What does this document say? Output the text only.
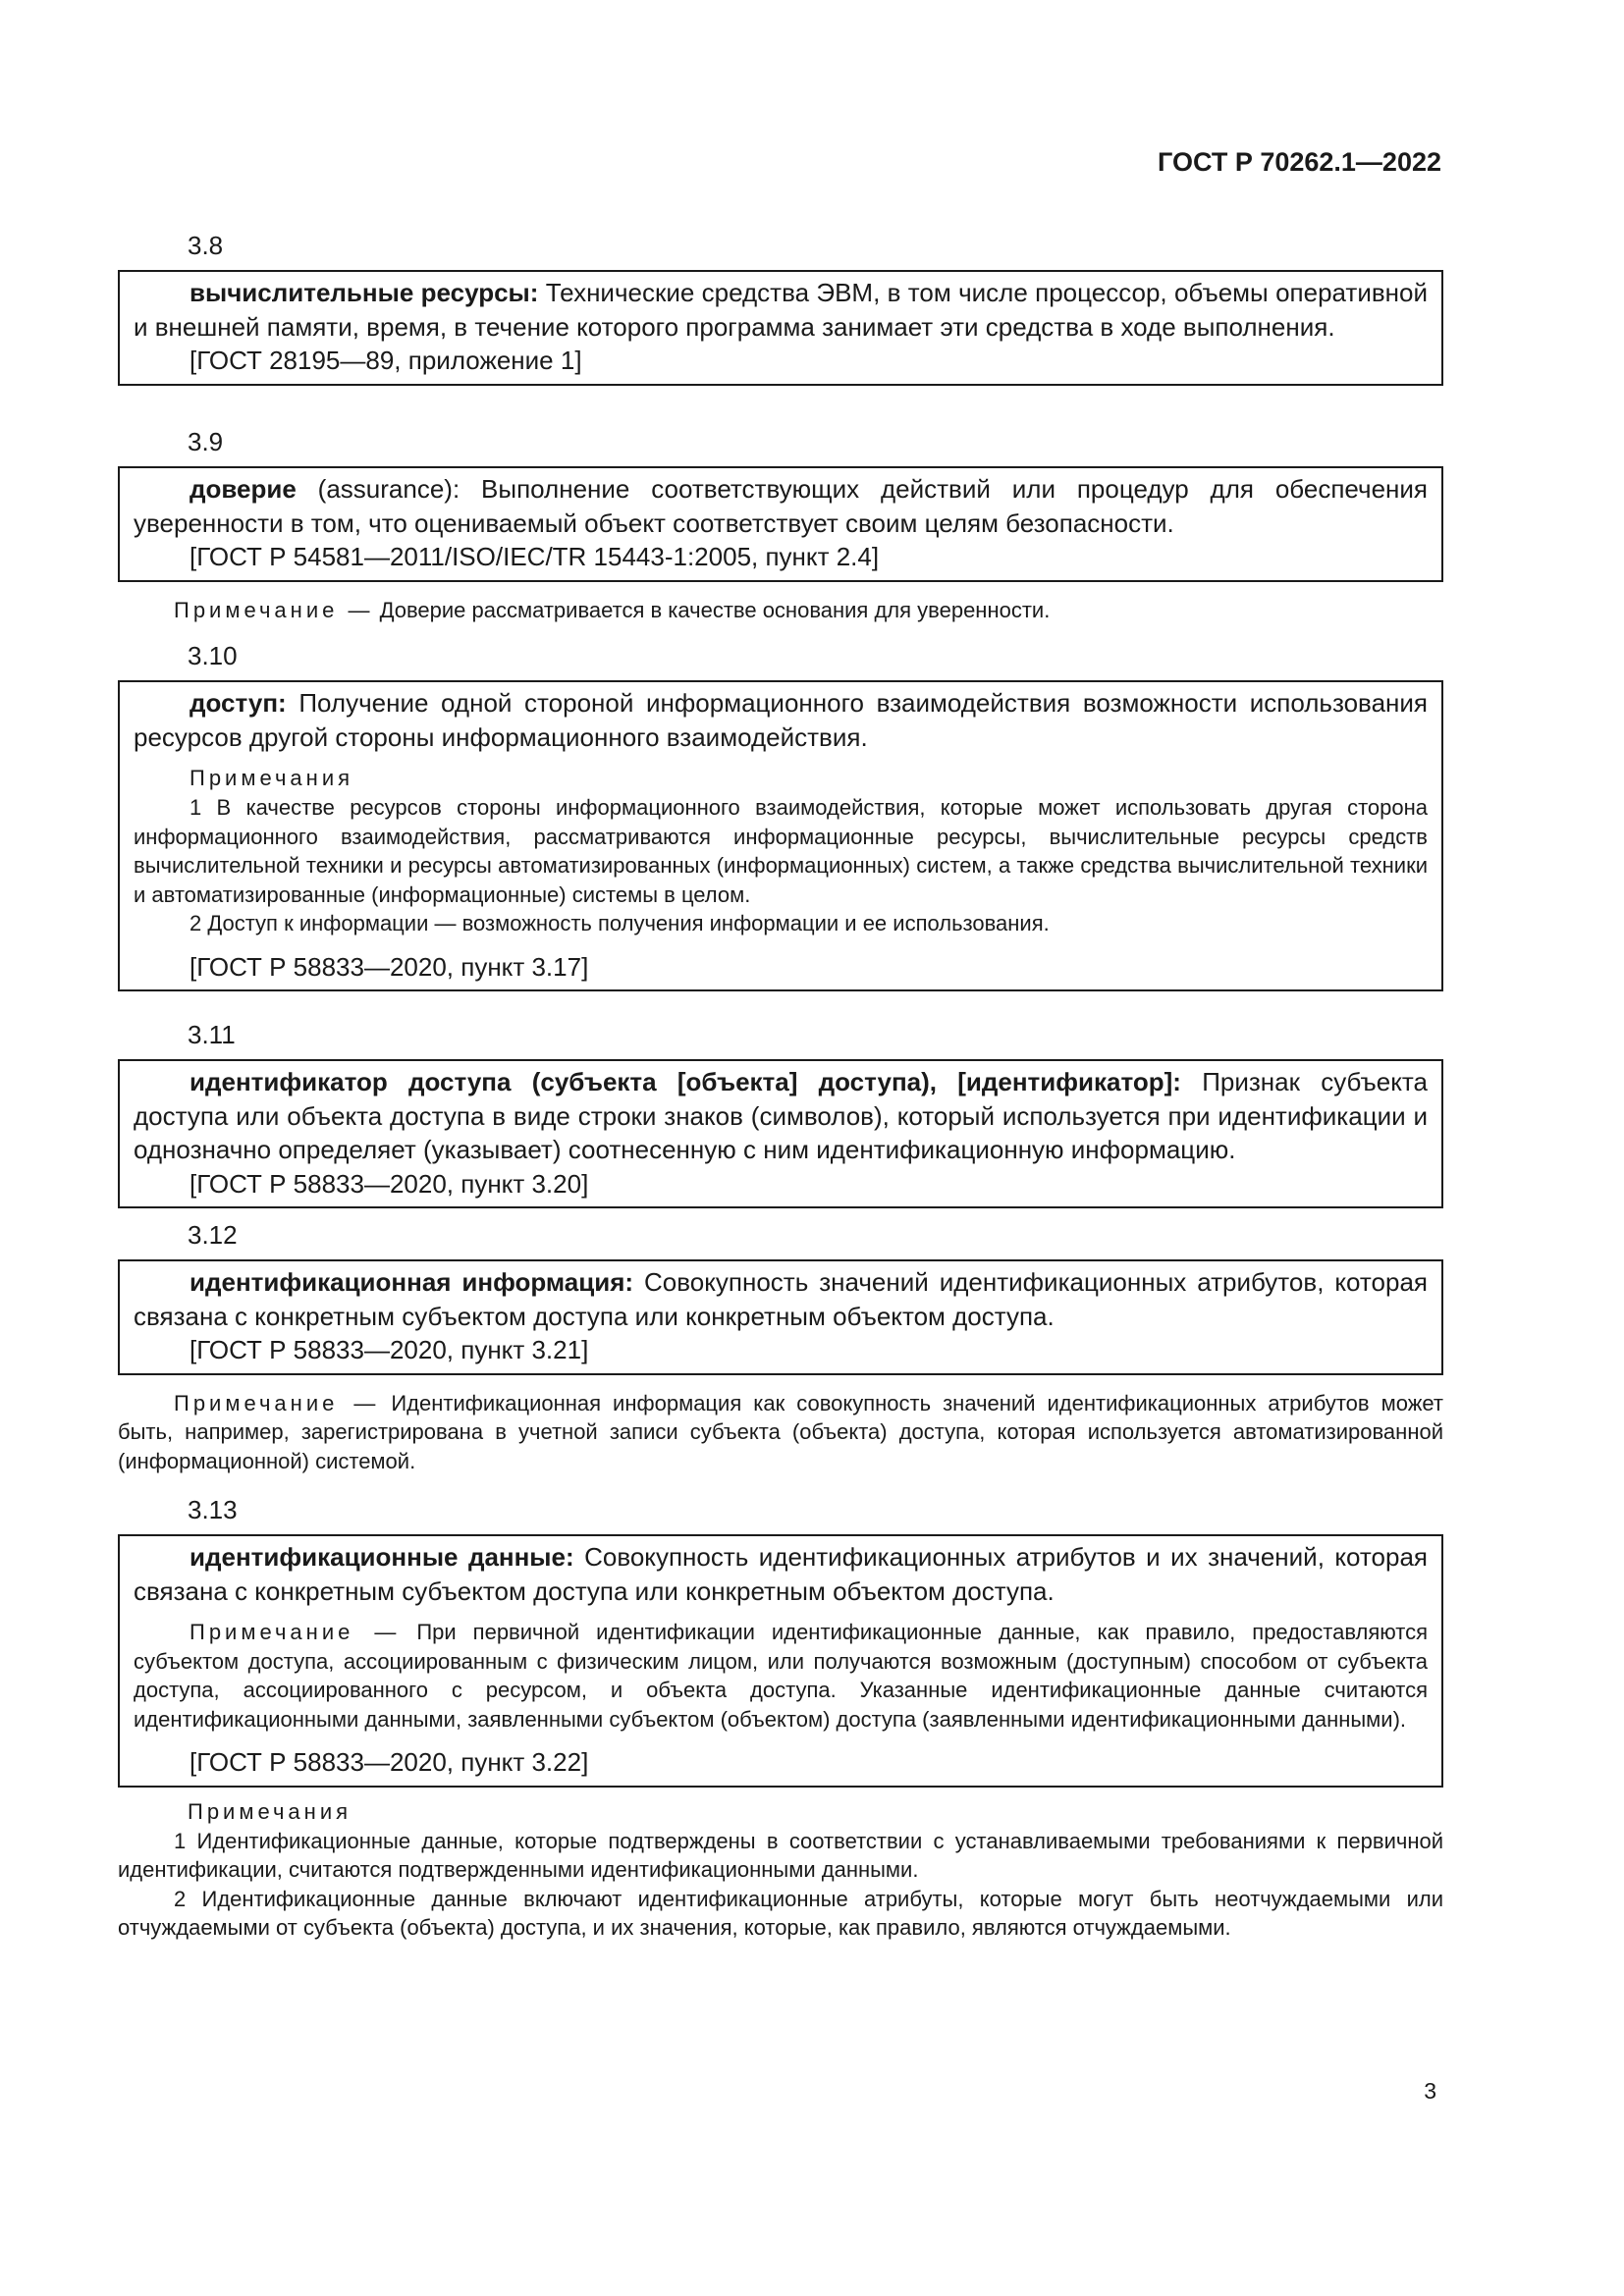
ГОСТ Р 70262.1—2022
3.8

вычислительные ресурсы: Технические средства ЭВМ, в том числе процессор, объемы оперативной и внешней памяти, время, в течение которого программа занимает эти средства в ходе выполнения.

[ГОСТ 28195—89, приложение 1]

3.9

доверие (assurance): Выполнение соответствующих действий или процедур для обеспечения уверенности в том, что оцениваемый объект соответствует своим целям безопасности.

[ГОСТ Р 54581—2011/ISO/IEC/TR 15443-1:2005, пункт 2.4]

Примечание — Доверие рассматривается в качестве основания для уверенности.

3.10

доступ: Получение одной стороной информационного взаимодействия возможности использования ресурсов другой стороны информационного взаимодействия.

Примечания

1 В качестве ресурсов стороны информационного взаимодействия, которые может использовать другая сторона информационного взаимодействия, рассматриваются информационные ресурсы, вычислительные ресурсы средств вычислительной техники и ресурсы автоматизированных (информационных) систем, а также средства вычислительной техники и автоматизированные (информационные) системы в целом.

2 Доступ к информации — возможность получения информации и ее использования.

[ГОСТ Р 58833—2020, пункт 3.17]

3.11

идентификатор доступа (субъекта [объекта] доступа), [идентификатор]: Признак субъекта доступа или объекта доступа в виде строки знаков (символов), который используется при идентификации и однозначно определяет (указывает) соотнесенную с ним идентификационную информацию.

[ГОСТ Р 58833—2020, пункт 3.20]

3.12

идентификационная информация: Совокупность значений идентификационных атрибутов, которая связана с конкретным субъектом доступа или конкретным объектом доступа.

[ГОСТ Р 58833—2020, пункт 3.21]

Примечание — Идентификационная информация как совокупность значений идентификационных атрибутов может быть, например, зарегистрирована в учетной записи субъекта (объекта) доступа, которая используется автоматизированной (информационной) системой.

3.13

идентификационные данные: Совокупность идентификационных атрибутов и их значений, которая связана с конкретным субъектом доступа или конкретным объектом доступа.

Примечание — При первичной идентификации идентификационные данные, как правило, предоставляются субъектом доступа, ассоциированным с физическим лицом, или получаются возможным (доступным) способом от субъекта доступа, ассоциированного с ресурсом, и объекта доступа. Указанные идентификационные данные считаются идентификационными данными, заявленными субъектом (объектом) доступа (заявленными идентификационными данными).

[ГОСТ Р 58833—2020, пункт 3.22]

Примечания

1 Идентификационные данные, которые подтверждены в соответствии с устанавливаемыми требованиями к первичной идентификации, считаются подтвержденными идентификационными данными.

2 Идентификационные данные включают идентификационные атрибуты, которые могут быть неотчуждаемыми или отчуждаемыми от субъекта (объекта) доступа, и их значения, которые, как правило, являются отчуждаемыми.

3
